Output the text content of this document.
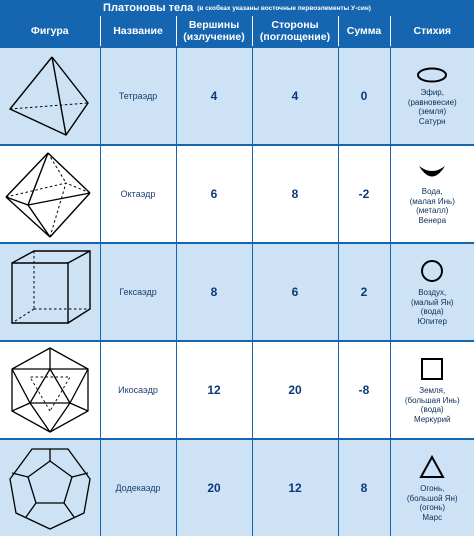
Платоновы тела (в скобках указаны восточные первоэлементы У-син)
Фигура	Название	Вершины (излучение)	Стороны (поглощение)	Сумма	Стихия

	Тетраэдр	4	4	0	Эфир,
(равновесие)
(земля)
Сатурн

	Октаэдр	6	8	-2	Вода,
(малая Инь)
(металл)
Венера

	Гексаэдр	8	6	2	Воздух,
(малый Ян)
(вода)
Юпитер

	Икосаэдр	12	20	-8	Земля,
(большая Инь)
(вода)
Меркурий

	Додекаэдр	20	12	8	Огонь,
(большой Ян)
(огонь)
Марс
